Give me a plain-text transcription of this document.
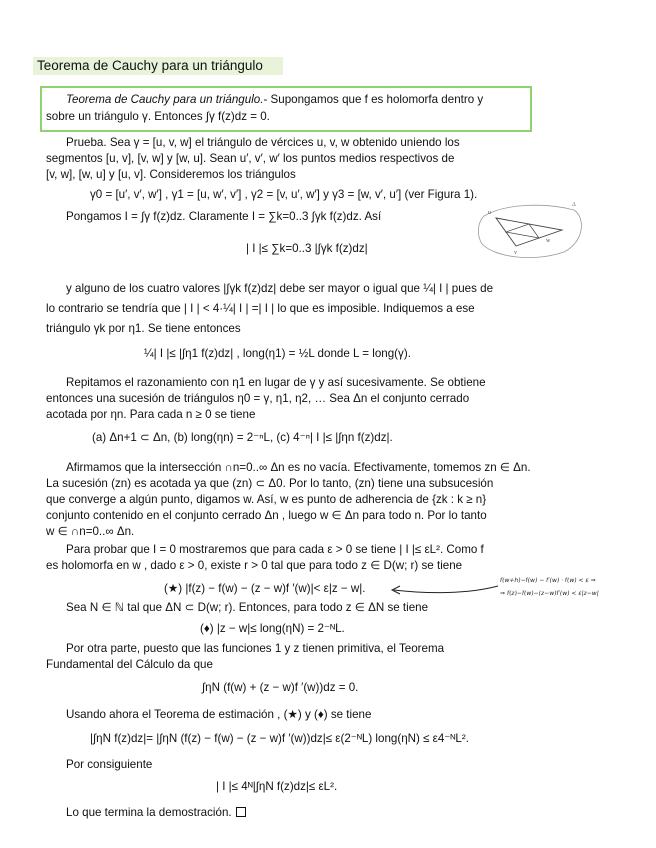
Teorema de Cauchy para un triángulo
Teorema de Cauchy para un triángulo.- Supongamos que f es holomorfa dentro y
sobre un triángulo γ. Entonces ∫γ f(z)dz = 0.
Prueba. Sea γ = [u, v, w] el triángulo de vércices u, v, w obtenido uniendo los
segmentos [u, v], [v, w] y [w, u]. Sean u′, v′, w′ los puntos medios respectivos de
[v, w], [w, u] y [u, v]. Consideremos los triángulos
γ0 = [u′, v′, w′] , γ1 = [u, w′, v′] , γ2 = [v, u′, w′] y γ3 = [w, v′, u′] (ver Figura 1).
Pongamos I = ∫γ f(z)dz. Claramente I = ∑k=0..3 ∫γk f(z)dz. Así
w
u
v
Δ
| I |≤ ∑k=0..3 |∫γk f(z)dz|
y alguno de los cuatro valores |∫γk f(z)dz| debe ser mayor o igual que ¼| I | pues de
lo contrario se tendría que | I | < 4·¼| I | =| I | lo que es imposible. Indiquemos a ese
triángulo γk por η1. Se tiene entonces
¼| I |≤ |∫η1 f(z)dz| , long(η1) = ½L donde L = long(γ).
Repitamos el razonamiento con η1 en lugar de γ y así sucesivamente. Se obtiene
entonces una sucesión de triángulos η0 = γ, η1, η2, … Sea Δn el conjunto cerrado
acotada por ηn. Para cada n ≥ 0 se tiene
(a) Δn+1 ⊂ Δn, (b) long(ηn) = 2⁻ⁿL, (c) 4⁻ⁿ| I |≤ |∫ηn f(z)dz|.
Afirmamos que la intersección ∩n=0..∞ Δn es no vacía. Efectivamente, tomemos zn ∈ Δn.
La sucesión (zn) es acotada ya que (zn) ⊂ Δ0. Por lo tanto, (zn) tiene una subsucesión
que converge a algún punto, digamos w. Así, w es punto de adherencia de {zk : k ≥ n}
conjunto contenido en el conjunto cerrado Δn , luego w ∈ Δn para todo n. Por lo tanto
w ∈ ∩n=0..∞ Δn.
Para probar que I = 0 mostraremos que para cada ε > 0 se tiene | I |≤ εL². Como f
es holomorfa en w , dado ε > 0, existe r > 0 tal que para todo z ∈ D(w; r) se tiene
(★) |f(z) − f(w) − (z − w)f ′(w)|< ε|z − w|.
f(w+h)−f(w) − f′(w) · f(w) < ε ⇒
⇒ f(z)−f(w)−(z−w)f′(w) < ε|z−w|
Sea N ∈ ℕ tal que ΔN ⊂ D(w; r). Entonces, para todo z ∈ ΔN se tiene
(♦) |z − w|≤ long(ηN) = 2⁻ᴺL.
Por otra parte, puesto que las funciones 1 y z tienen primitiva, el Teorema
Fundamental del Cálculo da que
∫ηN (f(w) + (z − w)f ′(w))dz = 0.
Usando ahora el Teorema de estimación , (★) y (♦) se tiene
|∫ηN f(z)dz|= |∫ηN (f(z) − f(w) − (z − w)f ′(w))dz|≤ ε(2⁻ᴺL) long(ηN) ≤ ε4⁻ᴺL².
Por consiguiente
| I |≤ 4ᴺ|∫ηN f(z)dz|≤ εL².
Lo que termina la demostración.
